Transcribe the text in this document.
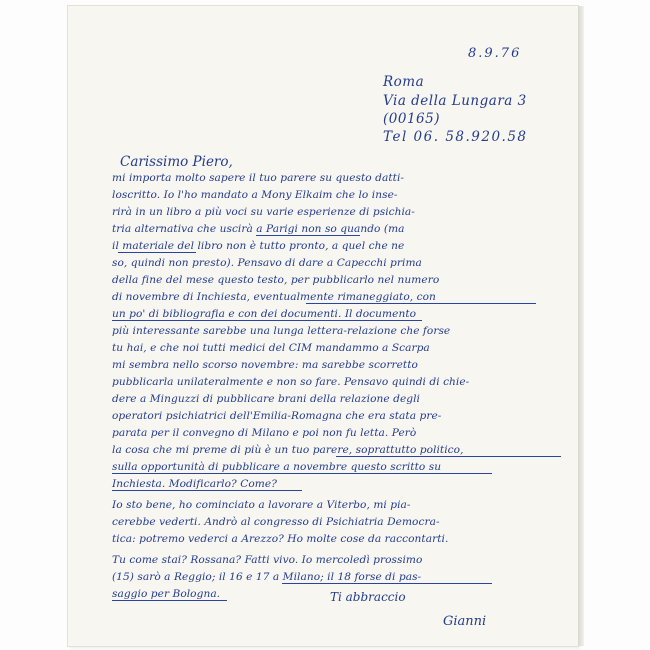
8.9.76

Roma

Via della Lungara 3

(00165)

Tel 06. 58.920.58

Carissimo Piero,

mi importa molto sapere il tuo parere su questo datti-

loscritto. Io l'ho mandato a Mony Elkaim che lo inse-

rirà in un libro a più voci su varie esperienze di psichia-

tria alternativa che uscirà a Parigi non so quando (ma

il materiale del libro non è tutto pronto, a quel che ne

so, quindi non presto). Pensavo di dare a Capecchi prima

della fine del mese questo testo, per pubblicarlo nel numero

di novembre di Inchiesta, eventualmente rimaneggiato, con

un po' di bibliografia e con dei documenti. Il documento

più interessante sarebbe una lunga lettera-relazione che forse

tu hai, e che noi tutti medici del CIM mandammo a Scarpa

mi sembra nello scorso novembre: ma sarebbe scorretto

pubblicarla unilateralmente e non so fare. Pensavo quindi di chie-

dere a Minguzzi di pubblicare brani della relazione degli

operatori psichiatrici dell'Emilia-Romagna che era stata pre-

parata per il convegno di Milano e poi non fu letta. Però

la cosa che mi preme di più è un tuo parere, soprattutto politico,

sulla opportunità di pubblicare a novembre questo scritto su

Inchiesta. Modificarlo? Come?

Io sto bene, ho cominciato a lavorare a Viterbo, mi pia-

cerebbe vederti. Andrò al congresso di Psichiatria Democra-

tica: potremo vederci a Arezzo? Ho molte cose da raccontarti.

Tu come stai? Rossana? Fatti vivo. Io mercoledì prossimo

(15) sarò a Reggio; il 16 e 17 a Milano; il 18 forse di pas-

saggio per Bologna.	Ti abbraccio

Gianni
